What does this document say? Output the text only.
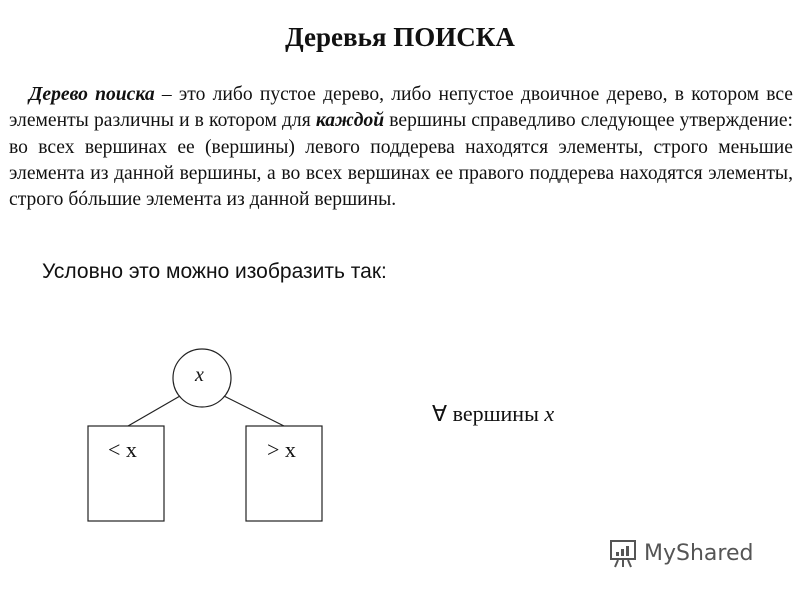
Деревья ПОИСКА

Дерево поиска – это либо пустое дерево, либо непустое двоичное дерево, в котором все элементы различны и в котором для каждой вершины справедливо следующее утверждение: во всех вершинах ее (вершины) левого поддерева находятся элементы, строго меньшие элемента из данной вершины, а во всех вершинах ее правого поддерева находятся элементы, строго бóльшие элемента из данной вершины.

Условно это можно изобразить так:
x
< x	> x
∀ вершины x
MyShared
